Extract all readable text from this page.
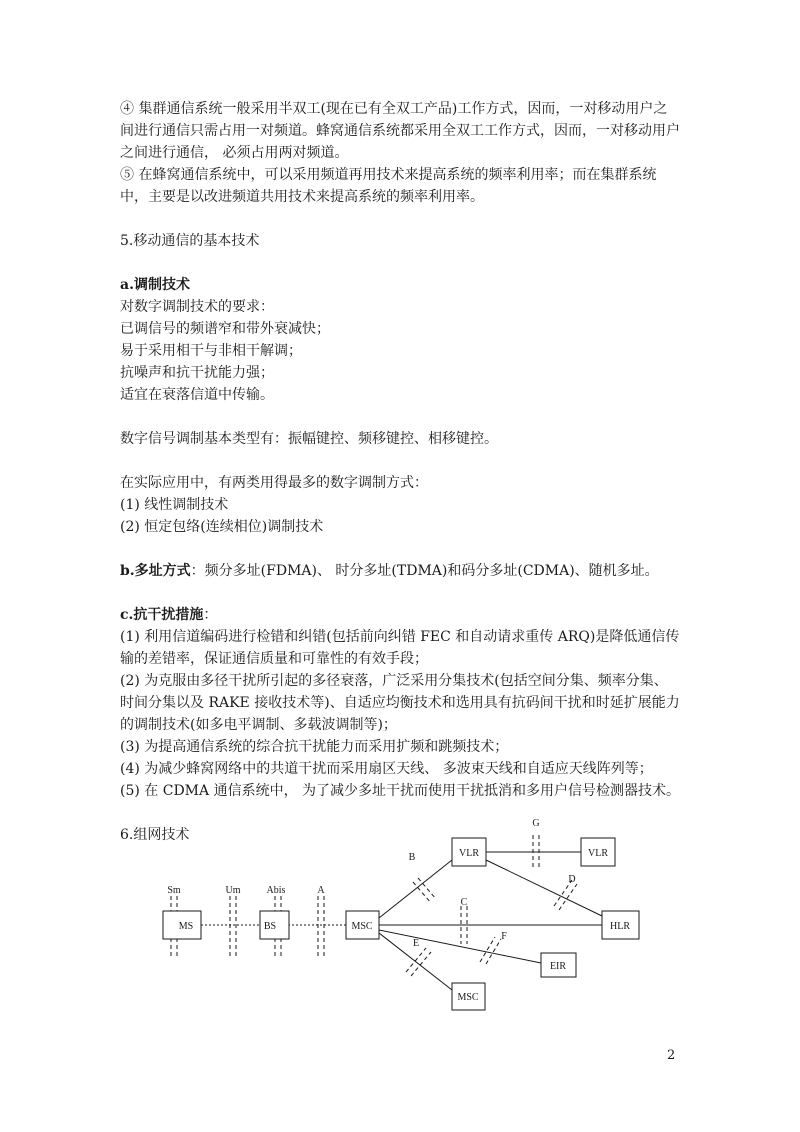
④ 集群通信系统一般采用半双工(现在已有全双工产品)工作方式，因而，一对移动用户之间进行通信只需占用一对频道。蜂窝通信系统都采用全双工工作方式，因而，一对移动用户之间进行通信， 必须占用两对频道。

⑤ 在蜂窝通信系统中，可以采用频道再用技术来提高系统的频率利用率；而在集群系统中，主要是以改进频道共用技术来提高系统的频率利用率。

5.移动通信的基本技术

a.调制技术

对数字调制技术的要求：

已调信号的频谱窄和带外衰减快；

易于采用相干与非相干解调；

抗噪声和抗干扰能力强；

适宜在衰落信道中传输。

数字信号调制基本类型有：振幅键控、频移键控、相移键控。

在实际应用中，有两类用得最多的数字调制方式：

(1) 线性调制技术

(2) 恒定包络(连续相位)调制技术

b.多址方式：频分多址(FDMA)、 时分多址(TDMA)和码分多址(CDMA)、随机多址。

c.抗干扰措施：

(1) 利用信道编码进行检错和纠错(包括前向纠错 FEC 和自动请求重传 ARQ)是降低通信传输的差错率，保证通信质量和可靠性的有效手段；

(2) 为克服由多径干扰所引起的多径衰落，广泛采用分集技术(包括空间分集、频率分集、时间分集以及 RAKE 接收技术等)、自适应均衡技术和选用具有抗码间干扰和时延扩展能力的调制技术(如多电平调制、多载波调制等)；

(3) 为提高通信系统的综合抗干扰能力而采用扩频和跳频技术；

(4) 为减少蜂窝网络中的共道干扰而采用扇区天线、 多波束天线和自适应天线阵列等；

(5) 在 CDMA 通信系统中， 为了减少多址干扰而使用干扰抵消和多用户信号检测器技术。

6.组网技术

MS	BS	MSC
VLR	VLR
HLR
EIR
MSC
Sm	Um	Abis	A
B
C
D
E
F
G
2
